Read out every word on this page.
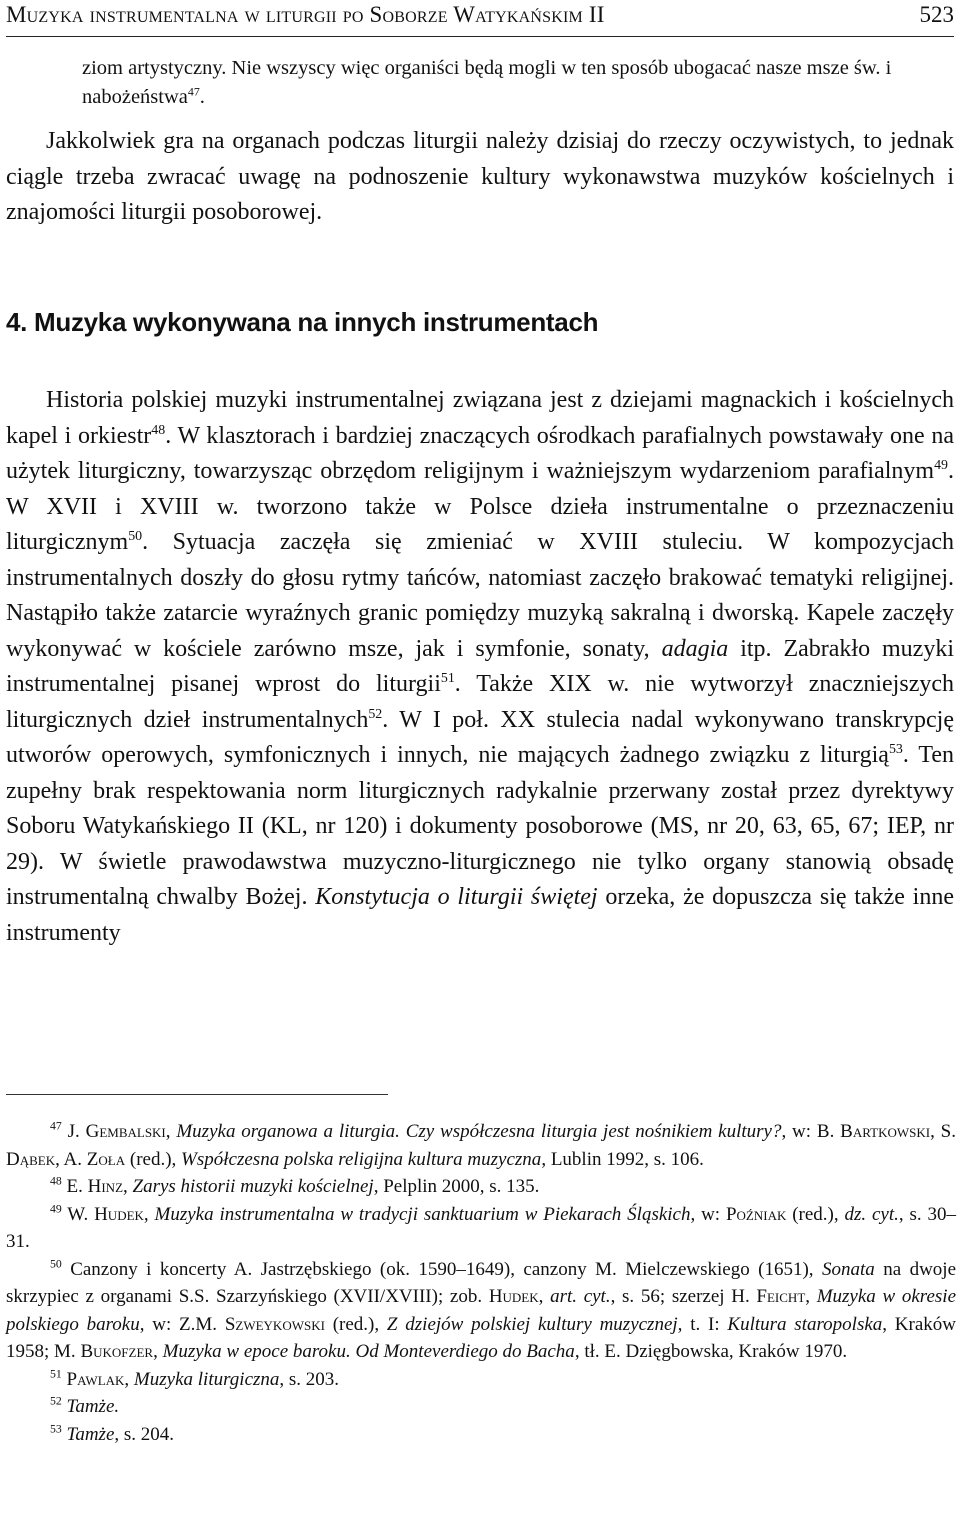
Muzyka instrumentalna w liturgii po Soborze Watykańskim II	523
ziom artystyczny. Nie wszyscy więc organiści będą mogli w ten sposób ubogacać nasze msze św. i nabożeństwa$^{47}$.

Jakkolwiek gra na organach podczas liturgii należy dzisiaj do rzeczy oczywistych, to jednak ciągle trzeba zwracać uwagę na podnoszenie kultury wykonawstwa muzyków kościelnych i znajomości liturgii posoborowej.

4. Muzyka wykonywana na innych instrumentach

Historia polskiej muzyki instrumentalnej związana jest z dziejami magnackich i kościelnych kapel i orkiestr$^{48}$. W klasztorach i bardziej znaczących ośrodkach parafialnych powstawały one na użytek liturgiczny, towarzysząc obrzędom religijnym i ważniejszym wydarzeniom parafialnym$^{49}$. W XVII i XVIII w. tworzono także w Polsce dzieła instrumentalne o przeznaczeniu liturgicznym$^{50}$. Sytuacja zaczęła się zmieniać w XVIII stuleciu. W kompozycjach instrumentalnych doszły do głosu rytmy tańców, natomiast zaczęło brakować tematyki religijnej. Nastąpiło także zatarcie wyraźnych granic pomiędzy muzyką sakralną i dworską. Kapele zaczęły wykonywać w kościele zarówno msze, jak i symfonie, sonaty, adagia itp. Zabrakło muzyki instrumentalnej pisanej wprost do liturgii$^{51}$. Także XIX w. nie wytworzył znaczniejszych liturgicznych dzieł instrumentalnych$^{52}$. W I poł. XX stulecia nadal wykonywano transkrypcję utworów operowych, symfonicznych i innych, nie mających żadnego związku z liturgią$^{53}$. Ten zupełny brak respektowania norm liturgicznych radykalnie przerwany został przez dyrektywy Soboru Watykańskiego II (KL, nr 120) i dokumenty posoborowe (MS, nr 20, 63, 65, 67; IEP, nr 29). W świetle prawodawstwa muzyczno-liturgicznego nie tylko organy stanowią obsadę instrumentalną chwalby Bożej. Konstytucja o liturgii świętej orzeka, że dopuszcza się także inne instrumenty

$^{47}$ J. Gembalski, Muzyka organowa a liturgia. Czy współczesna liturgia jest nośnikiem kultury?, w: B. Bartkowski, S. Dąbek, A. Zoła (red.), Współczesna polska religijna kultura muzyczna, Lublin 1992, s. 106.

$^{48}$ E. Hinz, Zarys historii muzyki kościelnej, Pelplin 2000, s. 135.

$^{49}$ W. Hudek, Muzyka instrumentalna w tradycji sanktuarium w Piekarach Śląskich, w: Poźniak (red.), dz. cyt., s. 30–31.

$^{50}$ Canzony i koncerty A. Jastrzębskiego (ok. 1590–1649), canzony M. Mielczewskiego (1651), Sonata na dwoje skrzypiec z organami S.S. Szarzyńskiego (XVII/XVIII); zob. Hudek, art. cyt., s. 56; szerzej H. Feicht, Muzyka w okresie polskiego baroku, w: Z.M. Szweykowski (red.), Z dziejów polskiej kultury muzycznej, t. I: Kultura staropolska, Kraków 1958; M. Bukofzer, Muzyka w epoce baroku. Od Monteverdiego do Bacha, tł. E. Dzięgbowska, Kraków 1970.

$^{51}$ Pawlak, Muzyka liturgiczna, s. 203.

$^{52}$ Tamże.

$^{53}$ Tamże, s. 204.
